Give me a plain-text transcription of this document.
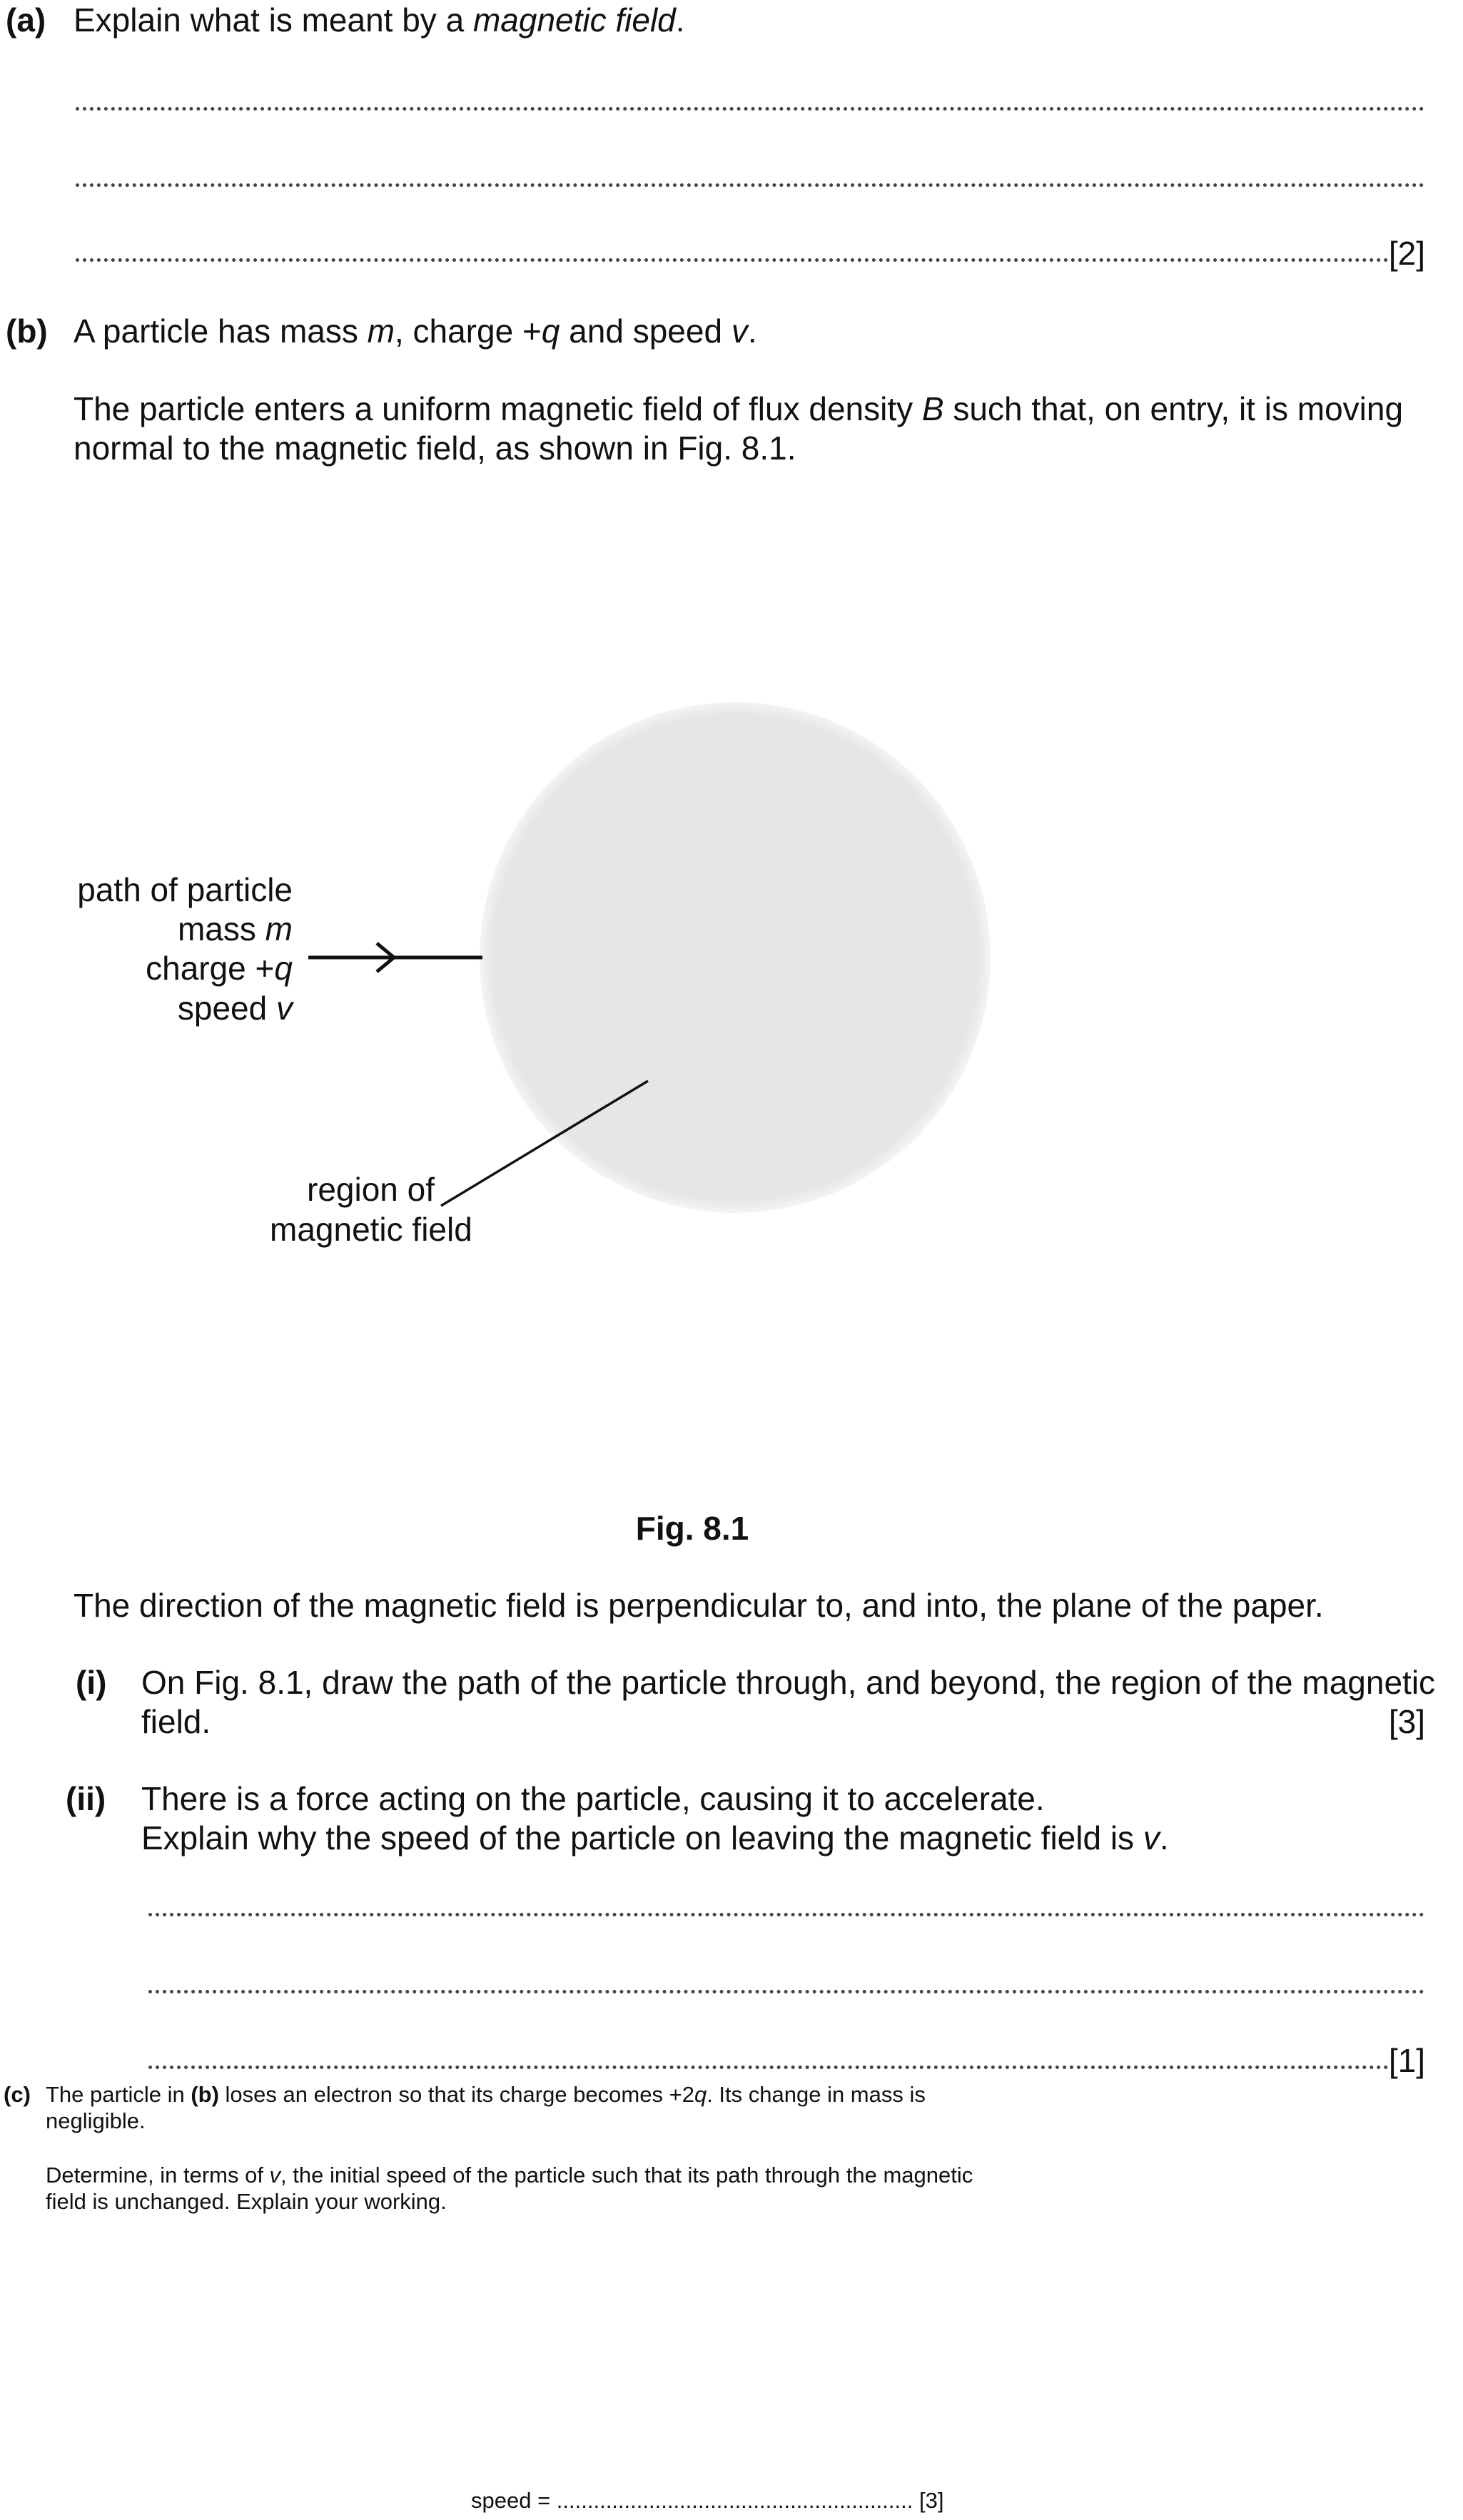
(a) Explain what is meant by a magnetic field.
[2]
(b) A particle has mass m, charge +q and speed v.
The particle enters a uniform magnetic field of flux density B such that, on entry, it is moving
normal to the magnetic field, as shown in Fig. 8.1.
path of particle
mass m
charge +q
speed v
region of
magnetic field
Fig. 8.1
The direction of the magnetic field is perpendicular to, and into, the plane of the paper.
(i) On Fig. 8.1, draw the path of the particle through, and beyond, the region of the magnetic
field.	[3]
(ii) There is a force acting on the particle, causing it to accelerate.
Explain why the speed of the particle on leaving the magnetic field is v.
[1]
(c) The particle in (b) loses an electron so that its charge becomes +2q. Its change in mass is
negligible.
Determine, in terms of v, the initial speed of the particle such that its path through the magnetic
field is unchanged. Explain your working.
speed = .......................................................... [3]
